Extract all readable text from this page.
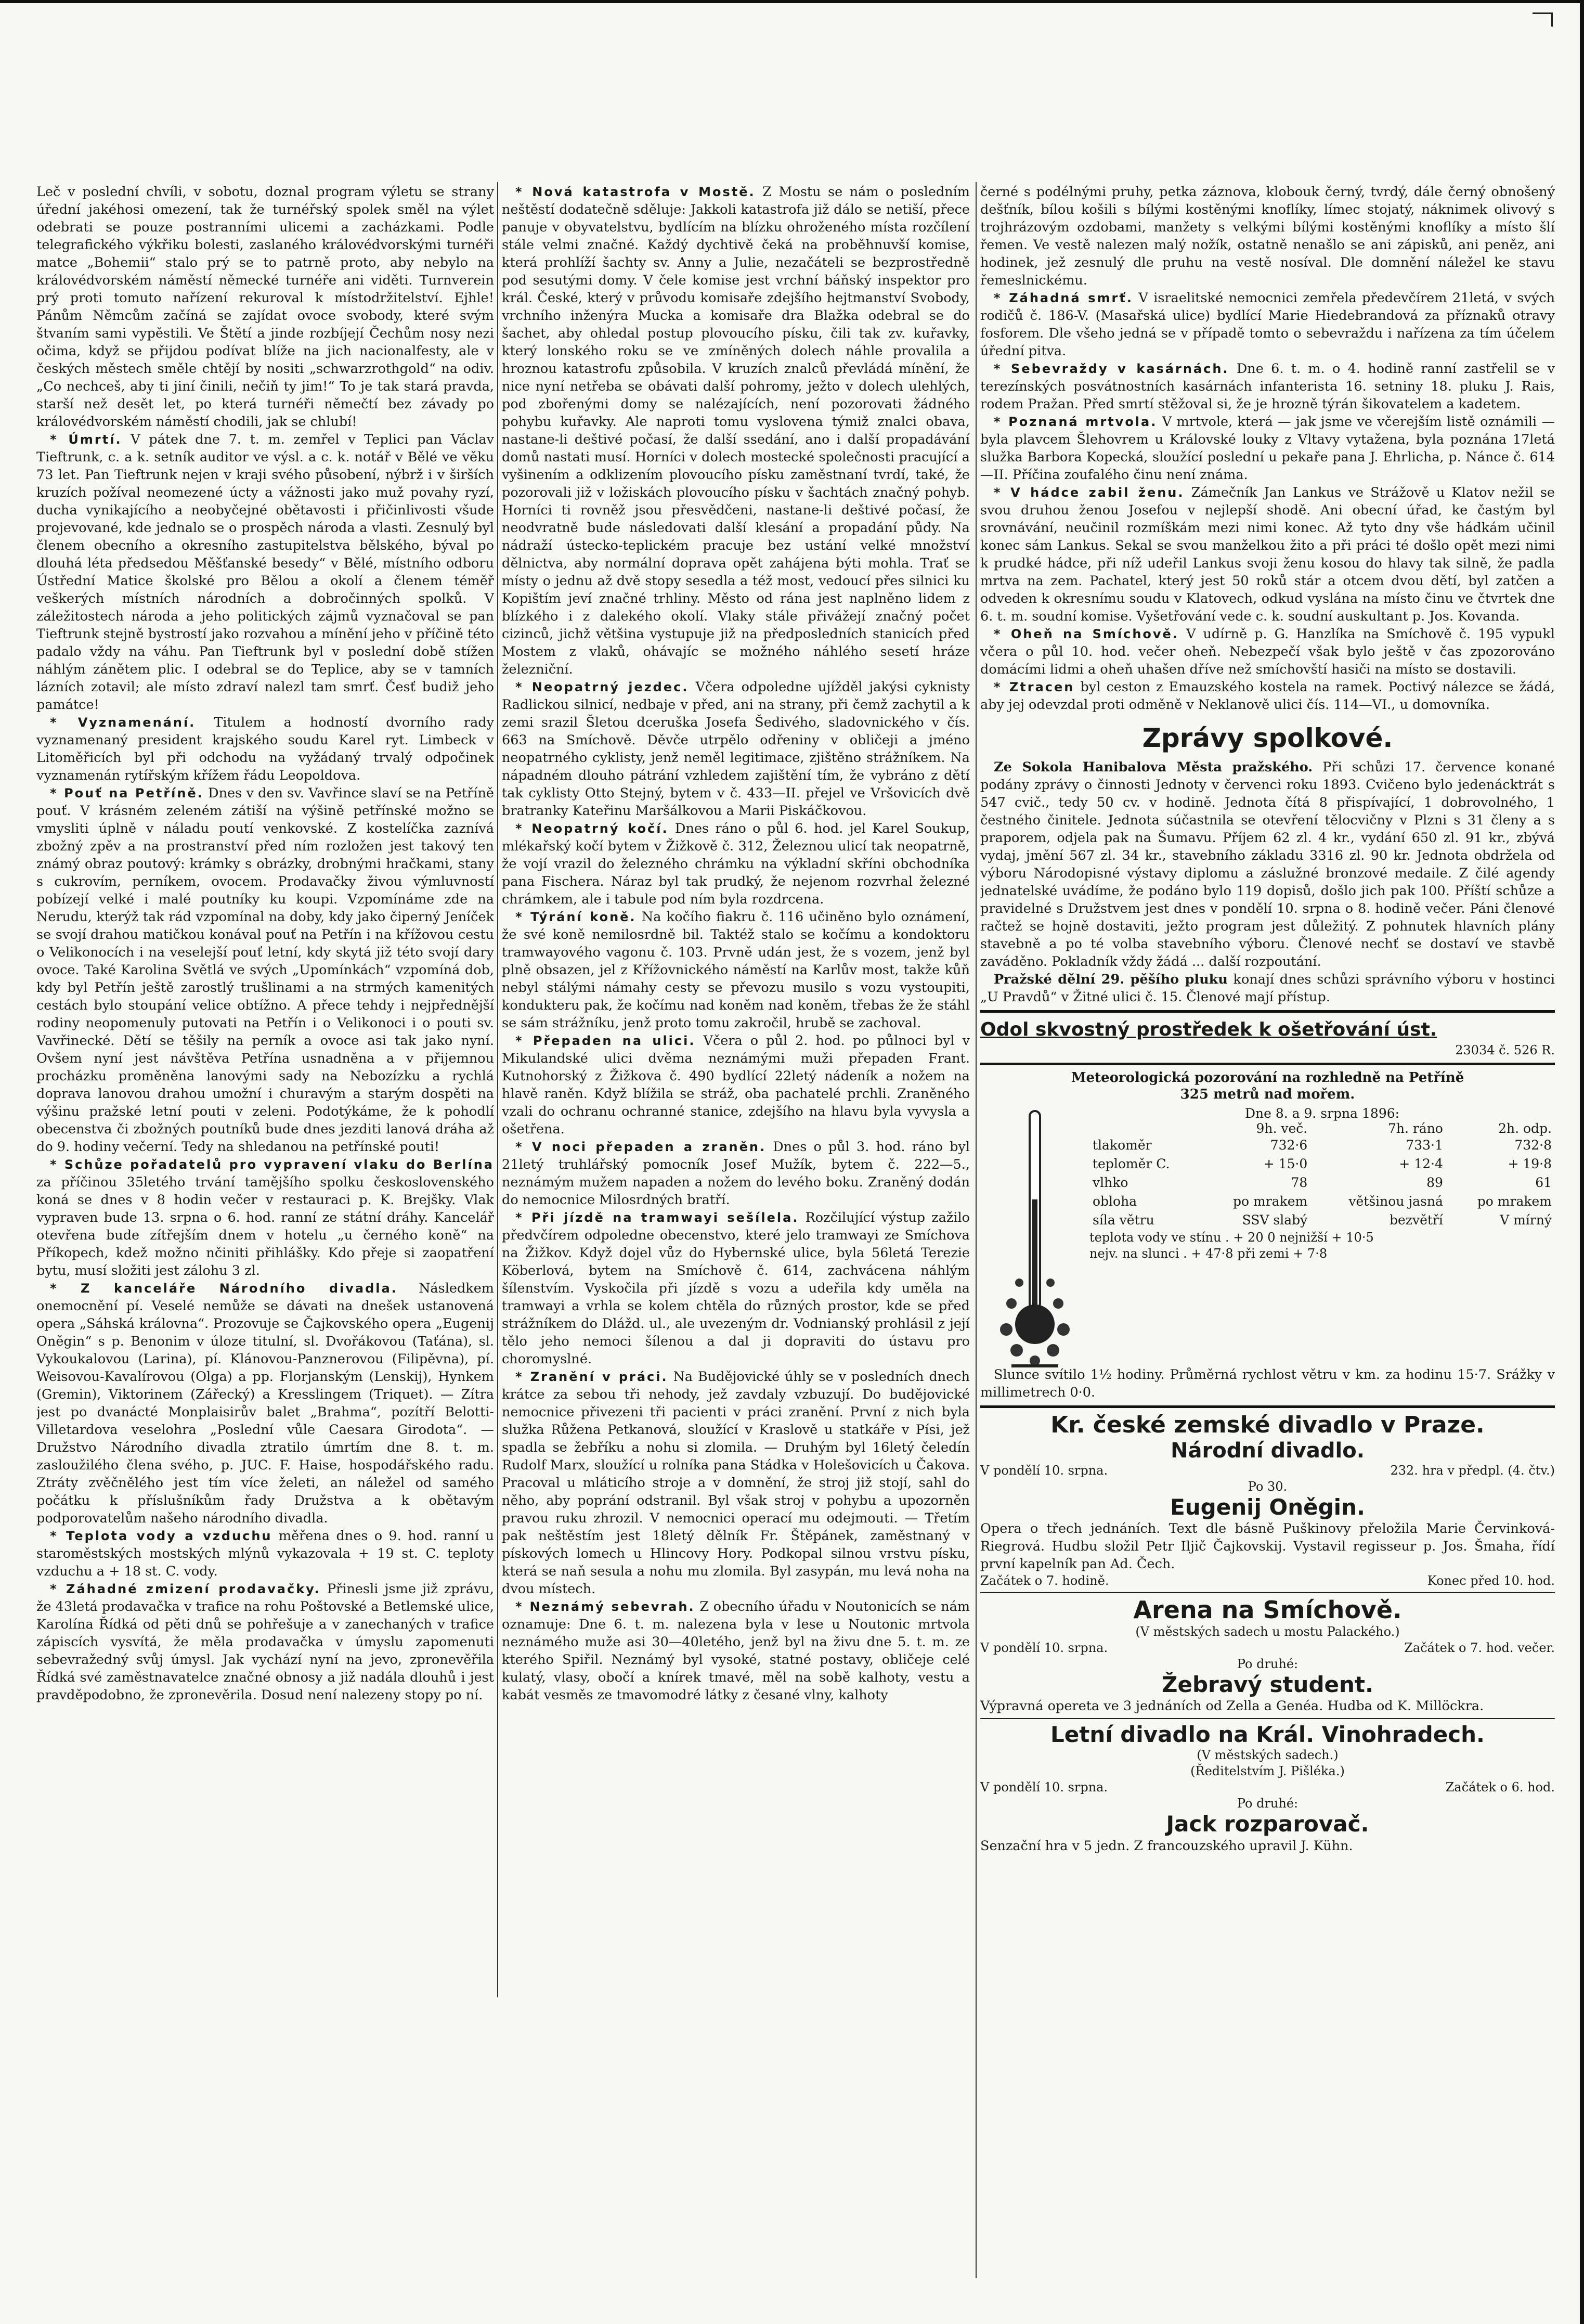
Leč v poslední chvíli, v sobotu, doznal program výletu se strany úřední jakéhosi omezení, tak že turnéřský spolek směl na výlet odebrati se pouze postranními ulicemi a zacházkami. Podle telegrafického výkřiku bolesti, zaslaného královédvorskými turnéři matce „Bohemii“ stalo prý se to patrně proto, aby nebylo na královédvorském náměstí německé turnéře ani viděti. Turnverein prý proti tomuto nařízení rekuroval k místodržitelství. Ejhle! Pánům Němcům začíná se zajídat ovoce svobody, které svým štvaním sami vypěstili. Ve Štětí a jinde rozbíjejí Čechům nosy nezi očima, když se přijdou podívat blíže na jich nacionalfesty, ale v českých městech směle chtějí by nositi „schwarzrothgold“ na odiv. „Co nechceš, aby ti jiní činili, nečiň ty jim!“ To je tak stará pravda, starší než desět let, po která turnéři němečtí bez závady po královédvorském náměstí chodili, jak se chlubí!

* Úmrtí. V pátek dne 7. t. m. zemřel v Teplici pan Václav Tieftrunk, c. a k. setník auditor ve výsl. a c. k. notář v Bělé ve věku 73 let. Pan Tieftrunk nejen v kraji svého působení, nýbrž i v širších kruzích požíval neomezené úcty a vážnosti jako muž povahy ryzí, ducha vynikajícího a neobyčejné obětavosti i přičinlivosti všude projevované, kde jednalo se o prospěch národa a vlasti. Zesnulý byl členem obecního a okresního zastupitelstva bělského, býval po dlouhá léta předsedou Měšťanské besedy“ v Bělé, místního odboru Ústřední Matice školské pro Bělou a okolí a členem téměř veškerých místních národních a dobročinných spolků. V záležitostech národa a jeho politických zájmů vyznačoval se pan Tieftrunk stejně bystrostí jako rozvahou a mínění jeho v příčině této padalo vždy na váhu. Pan Tieftrunk byl v poslední době stížen náhlým zánětem plic. I odebral se do Teplice, aby se v tamních lázních zotavil; ale místo zdraví nalezl tam smrť. Česť budiž jeho památce!

* Vyznamenání. Titulem a hodností dvorního rady vyznamenaný president krajského soudu Karel ryt. Limbeck v Litoměřicích byl při odchodu na vyžádaný trvalý odpočinek vyznamenán rytířským křížem řádu Leopoldova.

* Pouť na Petříně. Dnes v den sv. Vavřince slaví se na Petříně pouť. V krásném zeleném zátiší na výšině petřínské možno se vmysliti úplně v náladu poutí venkovské. Z kostelíčka zaznívá zbožný zpěv a na prostranství před ním rozložen jest takový ten známý obraz poutový: krámky s obrázky, drobnými hračkami, stany s cukrovím, perníkem, ovocem. Prodavačky živou výmluvností pobízejí velké i malé poutníky ku koupi. Vzpomínáme zde na Nerudu, kterýž tak rád vzpomínal na doby, kdy jako čiperný Jeníček se svojí drahou matičkou konával pouť na Petřín i na křížovou cestu o Velikonocích i na veselejší pouť letní, kdy skytá již této svojí dary ovoce. Také Karolina Světlá ve svých „Upomínkách“ vzpomíná dob, kdy byl Petřín ještě zarostlý trušlinami a na strmých kamenitých cestách bylo stoupání velice obtížno. A přece tehdy i nejpřednější rodiny neopomenuly putovati na Petřín i o Velikonoci i o pouti sv. Vavřinecké. Dětí se těšily na perník a ovoce asi tak jako nyní. Ovšem nyní jest návštěva Petřína usnadněna a v přijemnou procházku proměněna lanovými sady na Nebozízku a rychlá doprava lanovou drahou umožní i churavým a starým dospěti na výšinu pražské letní pouti v zeleni. Podotýkáme, že k pohodlí obecenstva či zbožných poutníků bude dnes jezditi lanová dráha až do 9. hodiny večerní. Tedy na shledanou na petřínské pouti!

* Schůze pořadatelů pro vypravení vlaku do Berlína za příčinou 35letého trvání tamějšího spolku československého koná se dnes v 8 hodin večer v restauraci p. K. Brejšky. Vlak vypraven bude 13. srpna o 6. hod. ranní ze státní dráhy. Kancelář otevřena bude zítřejším dnem v hotelu „u černého koně“ na Příkopech, kdež možno nčiniti přihlášky. Kdo přeje si zaopatření bytu, musí složiti jest zálohu 3 zl.

* Z kanceláře Národního divadla. Následkem onemocnění pí. Veselé nemůže se dávati na dnešek ustanovená opera „Sáhská královna“. Prozovuje se Čajkovského opera „Eugenij Oněgin“ s p. Benonim v úloze titulní, sl. Dvořákovou (Taťána), sl. Vykoukalovou (Larina), pí. Klánovou-Panznerovou (Filipěvna), pí. Weisovou-Kavalírovou (Olga) a pp. Florjanským (Lenskij), Hynkem (Gremin), Viktorinem (Zářecký) a Kresslingem (Triquet). — Zítra jest po dvanácté Monplaisirův balet „Brahma“, pozítří Belotti-Villetardova veselohra „Poslední vůle Caesara Girodota“. — Družstvo Národního divadla ztratilo úmrtím dne 8. t. m. zasloužilého člena svého, p. JUC. F. Haise, hospodářského radu. Ztráty zvěčnělého jest tím více želeti, an náležel od samého počátku k příslušníkům řady Družstva a k obětavým podporovatelům našeho národního divadla.

* Teplota vody a vzduchu měřena dnes o 9. hod. ranní u staroměstských mostských mlýnů vykazovala + 19 st. C. teploty vzduchu a + 18 st. C. vody.

* Záhadné zmizení prodavačky. Přinesli jsme již zprávu, že 43letá prodavačka v trafice na rohu Poštovské a Betlemské ulice, Karolína Řídká od pěti dnů se pohřešuje a v zanechaných v trafice zápiscích vysvítá, že měla prodavačka v úmyslu zapomenuti sebevražedný svůj úmysl. Jak vychází nyní na jevo, zpronevěřila Řídká své zaměstnavatelce značné obnosy a již nadála dlouhů i jest pravděpodobno, že zpronevěrila. Dosud není nalezeny stopy po ní.

* Nová katastrofa v Mostě. Z Mostu se nám o posledním neštěstí dodatečně sděluje: Jakkoli katastrofa již dálo se netiší, přece panuje v obyvatelstvu, bydlícím na blízku ohroženého místa rozčílení stále velmi značné. Každý dychtivě čeká na proběhnuvší komise, která prohlíží šachty sv. Anny a Julie, nezačáteli se bezprostředně pod sesutými domy. V čele komise jest vrchní báňský inspektor pro král. České, který v průvodu komisaře zdejšího hejtmanství Svobody, vrchního inženýra Mucka a komisaře dra Blažka odebral se do šachet, aby ohledal postup plovoucího písku, čili tak zv. kuřavky, který lonského roku se ve zmíněných dolech náhle provalila a hroznou katastrofu způsobila. V kruzích znalců převládá mínění, že nice nyní netřeba se obávati další pohromy, ježto v dolech ulehlých, pod zbořenými domy se nalézajících, není pozorovati žádného pohybu kuřavky. Ale naproti tomu vyslovena týmiž znalci obava, nastane-li deštivé počasí, že další ssedání, ano i další propadávání domů nastati musí. Horníci v dolech mostecké společnosti pracující a vyšinením a odklizením plovoucího písku zaměstnaní tvrdí, také, že pozorovali již v ložiskách plovoucího písku v šachtách značný pohyb. Horníci ti rovněž jsou přesvědčeni, nastane-li deštivé počasí, že neodvratně bude následovati další klesání a propadání půdy. Na nádraží ústecko-teplickém pracuje bez ustání velké množství dělnictva, aby normální doprava opět zahájena býti mohla. Trať se místy o jednu až dvě stopy sesedla a též most, vedoucí přes silnici ku Kopištím jeví značné trhliny. Město od rána jest naplněno lidem z blízkého i z dalekého okolí. Vlaky stále přivážejí značný počet cizinců, jichž většina vystupuje již na předposledních stanicích před Mostem z vlaků, ohávajíc se možného náhlého sesetí hráze železniční.

* Neopatrný jezdec. Včera odpoledne ujížděl jakýsi cyknisty Radlickou silnicí, nedbaje v před, ani na strany, při čemž zachytil a k zemi srazil Šletou dceruška Josefa Šedivého, sladovnického v čís. 663 na Smíchově. Děvče utrpělo odřeniny v obličeji a jméno neopatrného cyklisty, jenž neměl legitimace, zjištěno strážníkem. Na nápadném dlouho pátrání vzhledem zajištění tím, že vybráno z dětí tak cyklisty Otto Stejný, bytem v č. 433—II. přejel ve Vršovicích dvě bratranky Kateřinu Maršálkovou a Marii Piskáčkovou.

* Neopatrný kočí. Dnes ráno o půl 6. hod. jel Karel Soukup, mlékařský kočí bytem v Žižkově č. 312, Železnou ulicí tak neopatrně, že vojí vrazil do železného chrámku na výkladní skříni obchodníka pana Fischera. Náraz byl tak prudký, že nejenom rozvrhal železné chrámkem, ale i tabule pod ním byla rozdrcena.

* Týrání koně. Na kočího fiakru č. 116 učiněno bylo oznámení, že své koně nemilosrdně bil. Taktéž stalo se kočímu a kondoktoru tramwayového vagonu č. 103. Prvně udán jest, že s vozem, jenž byl plně obsazen, jel z Křížovnického náměstí na Karlův most, takže kůň nebyl stálými námahy cesty se převozu musilo s vozu vystoupiti, kondukteru pak, že kočímu nad koněm nad koněm, třebas že že stáhl se sám strážníku, jenž proto tomu zakročil, hrubě se zachoval.

* Přepaden na ulici. Včera o půl 2. hod. po půlnoci byl v Mikulandské ulici dvěma neznámými muži přepaden Frant. Kutnohorský z Žižkova č. 490 bydlící 22letý nádeník a nožem na hlavě raněn. Když blížila se stráž, oba pachatelé prchli. Zraněného vzali do ochranu ochranné stanice, zdejšího na hlavu byla vyvysla a ošetřena.

* V noci přepaden a zraněn. Dnes o půl 3. hod. ráno byl 21letý truhlářský pomocník Josef Mužík, bytem č. 222—5., neznámým mužem napaden a nožem do levého boku. Zraněný dodán do nemocnice Milosrdných bratří.

* Při jízdě na tramwayi sešílela. Rozčilující výstup zažilo předvčírem odpoledne obecenstvo, které jelo tramwayi ze Smíchova na Žižkov. Když dojel vůz do Hybernské ulice, byla 56letá Terezie Köberlová, bytem na Smíchově č. 614, zachvácena náhlým šílenstvím. Vyskočila při jízdě s vozu a udeřila kdy uměla na tramwayi a vrhla se kolem chtěla do různých prostor, kde se před strážníkem do Dlážd. ul., ale uvezeným dr. Vodnianský prohlásil z její tělo jeho nemoci šílenou a dal ji dopraviti do ústavu pro choromyslné.

* Zranění v práci. Na Budějovické úhly se v posledních dnech krátce za sebou tři nehody, jež zavdaly vzbuzují. Do budějovické nemocnice přivezeni tři pacienti v práci zranění. První z nich byla služka Růžena Petkanová, sloužící v Kraslově u statkáře v Písi, jež spadla se žebříku a nohu si zlomila. — Druhým byl 16letý čeledín Rudolf Marx, sloužící u rolníka pana Stádka v Holešovicích u Čakova. Pracoval u mláticího stroje a v domnění, že stroj již stojí, sahl do něho, aby poprání odstranil. Byl však stroj v pohybu a upozorněn pravou ruku zhrozil. V nemocnici operací mu odejmouti. — Třetím pak neštěstím jest 18letý dělník Fr. Štěpánek, zaměstnaný v pískových lomech u Hlincovy Hory. Podkopal silnou vrstvu písku, která se naň sesula a nohu mu zlomila. Byl zasypán, mu levá noha na dvou místech.

* Neznámý sebevrah. Z obecního úřadu v Noutonicích se nám oznamuje: Dne 6. t. m. nalezena byla v lese u Noutonic mrtvola neznámého muže asi 30—40letého, jenž byl na živu dne 5. t. m. ze kterého Spiřil. Neznámý byl vysoké, statné postavy, obličeje celé kulatý, vlasy, obočí a knírek tmavé, měl na sobě kalhoty, vestu a kabát vesměs ze tmavomodré látky z česané vlny, kalhoty

černé s podélnými pruhy, petka záznova, klobouk černý, tvrdý, dále černý obnošený dešťník, bílou košili s bílými kostěnými knoflíky, límec stojatý, náknimek olivový s trojhrázovým ozdobami, manžety s velkými bílými kostěnými knoflíky a místo šlí řemen. Ve vestě nalezen malý nožík, ostatně nenašlo se ani zápisků, ani peněz, ani hodinek, jež zesnulý dle pruhu na vestě nosíval. Dle domnění náležel ke stavu řemeslnickému.

* Záhadná smrť. V israelitské nemocnici zemřela předevčírem 21letá, v svých rodičů č. 186-V. (Masařská ulice) bydlící Marie Hiedebrandová za příznaků otravy fosforem. Dle všeho jedná se v případě tomto o sebevraždu i nařízena za tím účelem úřední pitva.

* Sebevraždy v kasárnách. Dne 6. t. m. o 4. hodině ranní zastřelil se v terezínských posvátnostních kasárnách infanterista 16. setniny 18. pluku J. Rais, rodem Pražan. Před smrtí stěžoval si, že je hrozně týrán šikovatelem a kadetem.

* Poznaná mrtvola. V mrtvole, která — jak jsme ve včerejším listě oznámili — byla plavcem Šlehovrem u Královské louky z Vltavy vytažena, byla poznána 17letá služka Barbora Kopecká, sloužící poslední u pekaře pana J. Ehrlicha, p. Nánce č. 614—II. Příčina zoufalého činu není známa.

* V hádce zabil ženu. Zámečník Jan Lankus ve Strážově u Klatov nežil se svou druhou ženou Josefou v nejlepší shodě. Ani obecní úřad, ke častým byl srovnávání, neučinil rozmíškám mezi nimi konec. Až tyto dny vše hádkám učinil konec sám Lankus. Sekal se svou manželkou žito a při práci té došlo opět mezi nimi k prudké hádce, při níž udeřil Lankus svoji ženu kosou do hlavy tak silně, že padla mrtva na zem. Pachatel, který jest 50 roků stár a otcem dvou dětí, byl zatčen a odveden k okresnímu soudu v Klatovech, odkud vyslána na místo činu ve čtvrtek dne 6. t. m. soudní komise. Vyšetřování vede c. k. soudní auskultant p. Jos. Kovanda.

* Oheň na Smíchově. V udírně p. G. Hanzlíka na Smíchově č. 195 vypukl včera o půl 10. hod. večer oheň. Nebezpečí však bylo ještě v čas zpozorováno domácími lidmi a oheň uhašen dříve než smíchovští hasiči na místo se dostavili.

* Ztracen byl ceston z Emauzského kostela na ramek. Poctivý nálezce se žádá, aby jej odevzdal proti odměně v Neklanově ulici čís. 114—VI., u domovníka.

Zprávy spolkové.

Ze Sokola Hanibalova Města pražského. Při schůzi 17. července konané podány zprávy o činnosti Jednoty v červenci roku 1893. Cvičeno bylo jedenácktrát s 547 cvič., tedy 50 cv. v hodině. Jednota čítá 8 přispívající, 1 dobrovolného, 1 čestného činitele. Jednota súčastnila se otevření tělocvičny v Plzni s 31 členy a s praporem, odjela pak na Šumavu. Příjem 62 zl. 4 kr., vydání 650 zl. 91 kr., zbývá vydaj, jmění 567 zl. 34 kr., stavebního základu 3316 zl. 90 kr. Jednota obdržela od výboru Národopisné výstavy diplomu a záslužné bronzové medaile. Z čilé agendy jednatelské uvádíme, že podáno bylo 119 dopisů, došlo jich pak 100. Příští schůze a pravidelné s Družstvem jest dnes v pondělí 10. srpna o 8. hodině večer. Páni členové račtež se hojně dostaviti, ježto program jest důležitý. Z pohnutek hlavních plány stavebně a po té volba stavebního výboru. Členové nechť se dostaví ve stavbě zaváděno. Pokladník vždy žádá ... další rozpoutání.

Pražské dělní 29. pěšího pluku konají dnes schůzi správního výboru v hostinci „U Pravdů“ v Žitné ulici č. 15. Členové mají přístup.

Odol skvostný prostředek k ošetřování úst.
23034 č. 526 R.
Meteorologická pozorování na rozhledně na Petříně
325 metrů nad mořem.
Dne 8. a 9. srpna 1896:
	9h. več.	7h. ráno	2h. odp.
tlakoměr	732·6	733·1	732·8
teploměr C.	+ 15·0	+ 12·4	+ 19·8
vlhko	78	89	61
oblohа	po mrakem	většinou jasná	po mrakem
síla větru	SSV slabý	bezvětří	V mírný
teplota vody ve stínu . + 20 0 nejnižší + 10·5
nejv. na slunci . + 47·8 při zemi + 7·8

Slunce svítilo 1½ hodiny. Průměrná rychlost větru v km. za hodinu 15·7. Srážky v millimetrech 0·0.

Kr. české zemské divadlo v Praze.
Národní divadlo.
V pondělí 10. srpna.	232. hra v předpl. (4. čtv.)
Po 30.
Eugenij Oněgin.

Opera o třech jednáních. Text dle básně Puškinovy přeložila Marie Červinková-Riegrová. Hudbu složil Petr Iljič Čajkovskij. Vystavil regisseur p. Jos. Šmaha, řídí první kapelník pan Ad. Čech.

Začátek o 7. hodině.	Konec před 10. hod.
Arena na Smíchově.
(V městských sadech u mostu Palackého.)
V pondělí 10. srpna.	Začátek o 7. hod. večer.
Po druhé:
Žebravý student.

Výpravná opereta ve 3 jednáních od Zella a Genéa. Hudba od K. Millöckra.

Letní divadlo na Král. Vinohradech.
(V městských sadech.)
(Ředitelstvím J. Pišléka.)
V pondělí 10. srpna.	Začátek o 6. hod.
Po druhé:
Jack rozparovač.

Senzační hra v 5 jedn. Z francouzského upravil J. Kühn.
